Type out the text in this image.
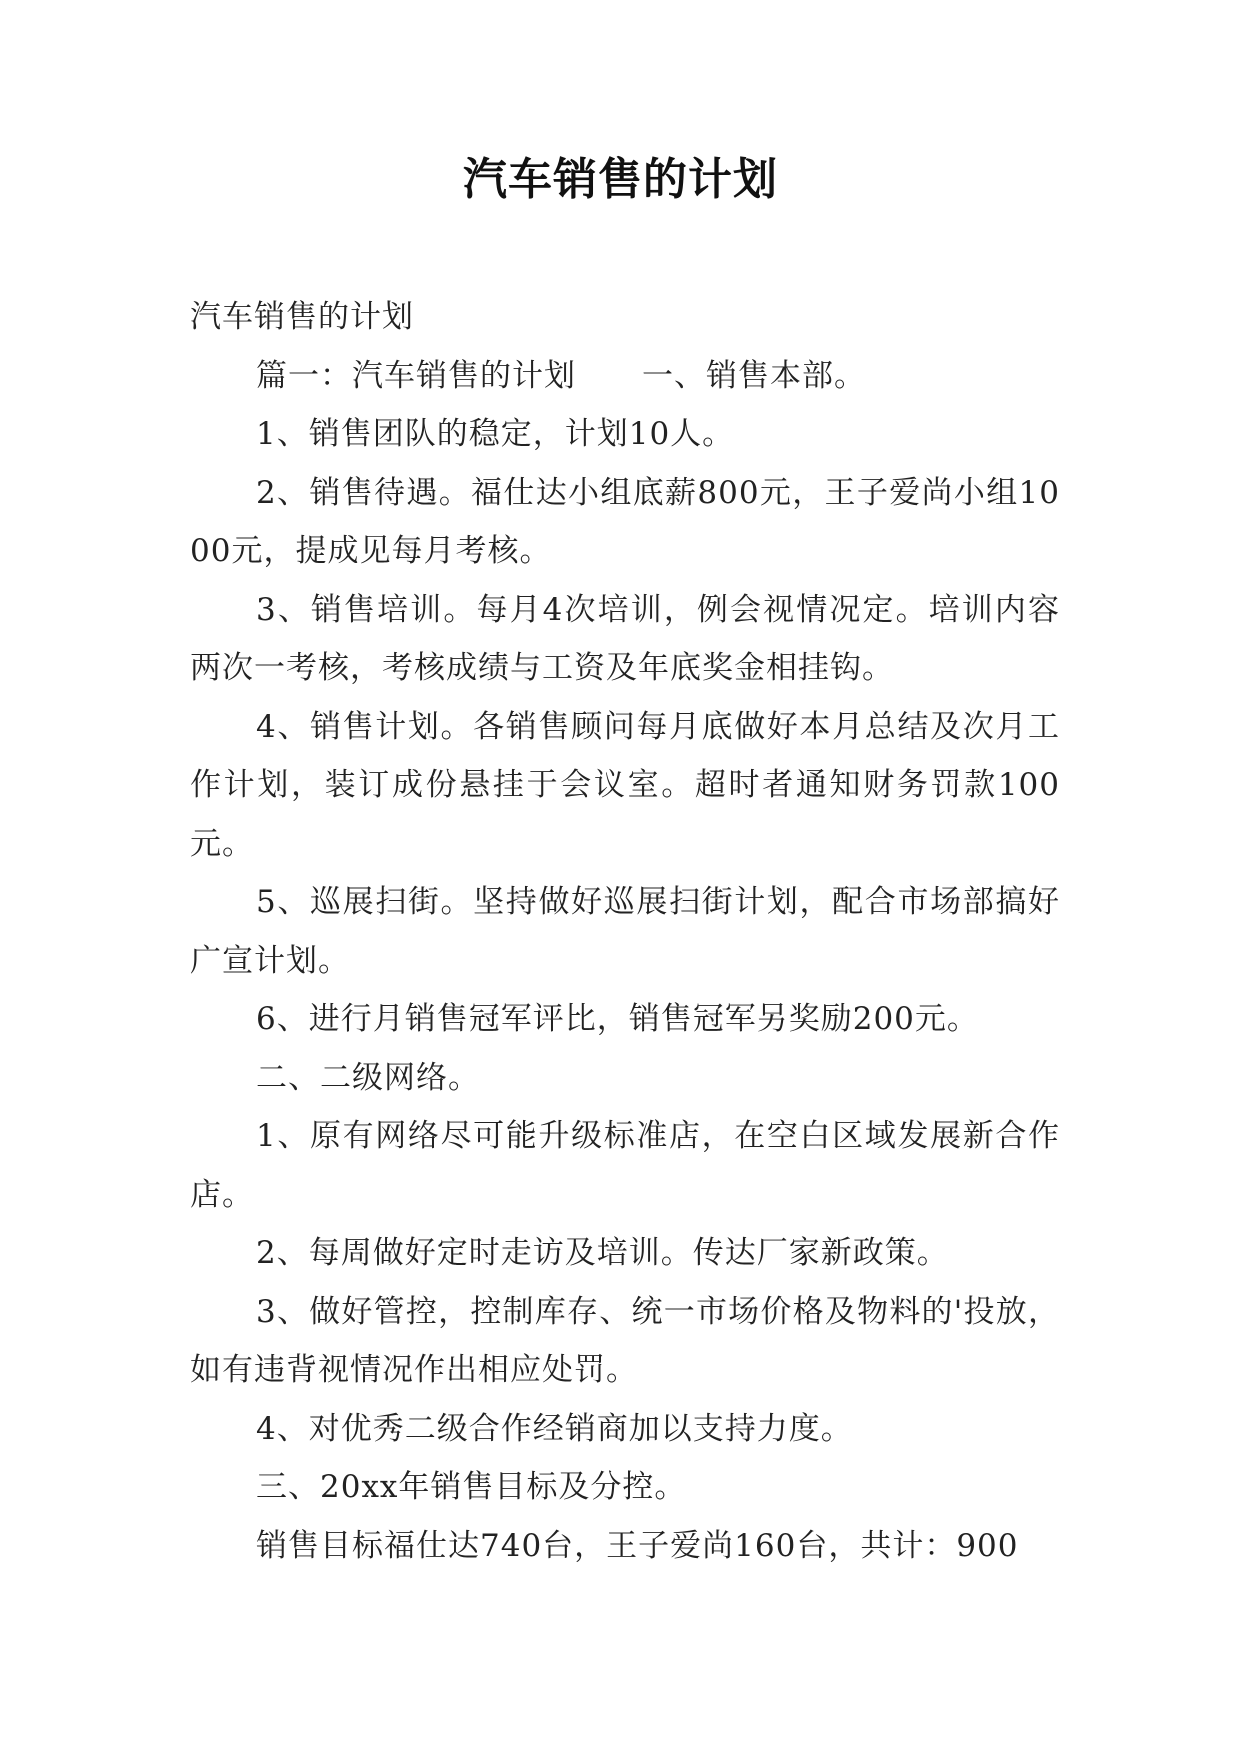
汽车销售的计划

汽车销售的计划

篇一：汽车销售的计划 一、销售本部。

1、销售团队的稳定，计划10人。

2、销售待遇。福仕达小组底薪800元，王子爱尚小组1000元，提成见每月考核。

3、销售培训。每月4次培训，例会视情况定。培训内容两次一考核，考核成绩与工资及年底奖金相挂钩。

4、销售计划。各销售顾问每月底做好本月总结及次月工作计划，装订成份悬挂于会议室。超时者通知财务罚款100元。

5、巡展扫街。坚持做好巡展扫街计划，配合市场部搞好广宣计划。

6、进行月销售冠军评比，销售冠军另奖励200元。

二、二级网络。

1、原有网络尽可能升级标准店，在空白区域发展新合作店。

2、每周做好定时走访及培训。传达厂家新政策。

3、做好管控，控制库存、统一市场价格及物料的'投放，如有违背视情况作出相应处罚。

4、对优秀二级合作经销商加以支持力度。

三、20xx年销售目标及分控。

销售目标福仕达740台，王子爱尚160台，共计：900
